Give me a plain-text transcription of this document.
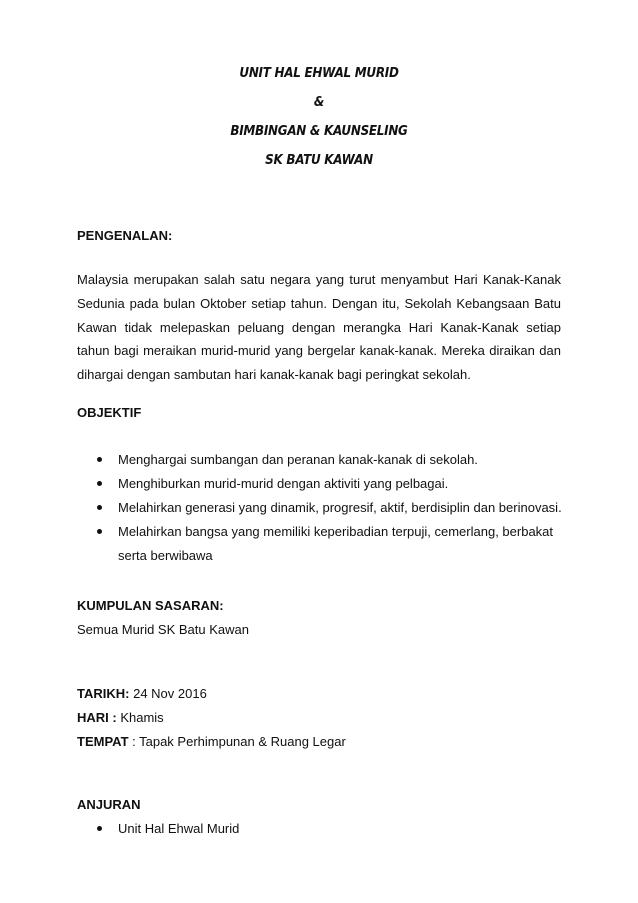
UNIT HAL EHWAL MURID
&
BIMBINGAN & KAUNSELING
SK BATU KAWAN
PENGENALAN:
Malaysia merupakan salah satu negara yang turut menyambut Hari Kanak-Kanak Sedunia pada bulan Oktober setiap tahun. Dengan itu, Sekolah Kebangsaan Batu Kawan tidak melepaskan peluang dengan merangka Hari Kanak-Kanak setiap tahun bagi meraikan murid-murid yang bergelar kanak-kanak. Mereka diraikan dan dihargai dengan sambutan hari kanak-kanak bagi peringkat sekolah.
OBJEKTIF
Menghargai sumbangan dan peranan kanak-kanak di sekolah.
Menghiburkan murid-murid dengan aktiviti yang pelbagai.
Melahirkan generasi yang dinamik, progresif, aktif, berdisiplin dan berinovasi.
Melahirkan bangsa yang memiliki keperibadian terpuji, cemerlang, berbakat
serta berwibawa
KUMPULAN SASARAN:
Semua Murid SK Batu Kawan
TARIKH: 24 Nov 2016
HARI : Khamis
TEMPAT : Tapak Perhimpunan & Ruang Legar
ANJURAN
Unit Hal Ehwal Murid
